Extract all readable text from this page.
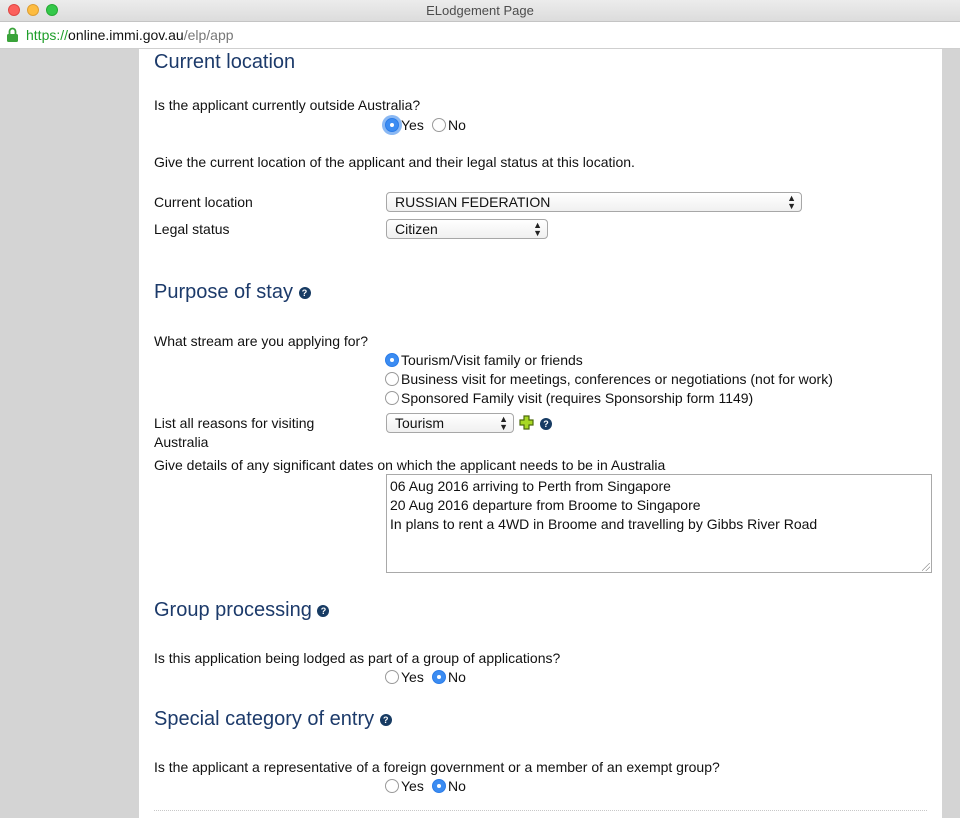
ELodgement Page
https://online.immi.gov.au/elp/app
Current location
Is the applicant currently outside Australia?
Yes	No
Give the current location of the applicant and their legal status at this location.
Current location	RUSSIAN FEDERATION	▲
▼
Legal status	Citizen	▲
▼
Purpose of stay ?
What stream are you applying for?
Tourism/Visit family or friends
Business visit for meetings, conferences or negotiations (not for work)
Sponsored Family visit (requires Sponsorship form 1149)
List all reasons for visiting
Australia
Tourism	▲
▼	?
Give details of any significant dates on which the applicant needs to be in Australia
06 Aug 2016 arriving to Perth from Singapore
20 Aug 2016 departure from Broome to Singapore
In plans to rent a 4WD in Broome and travelling by Gibbs River Road
Group processing ?
Is this application being lodged as part of a group of applications?
Yes	No
Special category of entry ?
Is the applicant a representative of a foreign government or a member of an exempt group?
Yes	No
